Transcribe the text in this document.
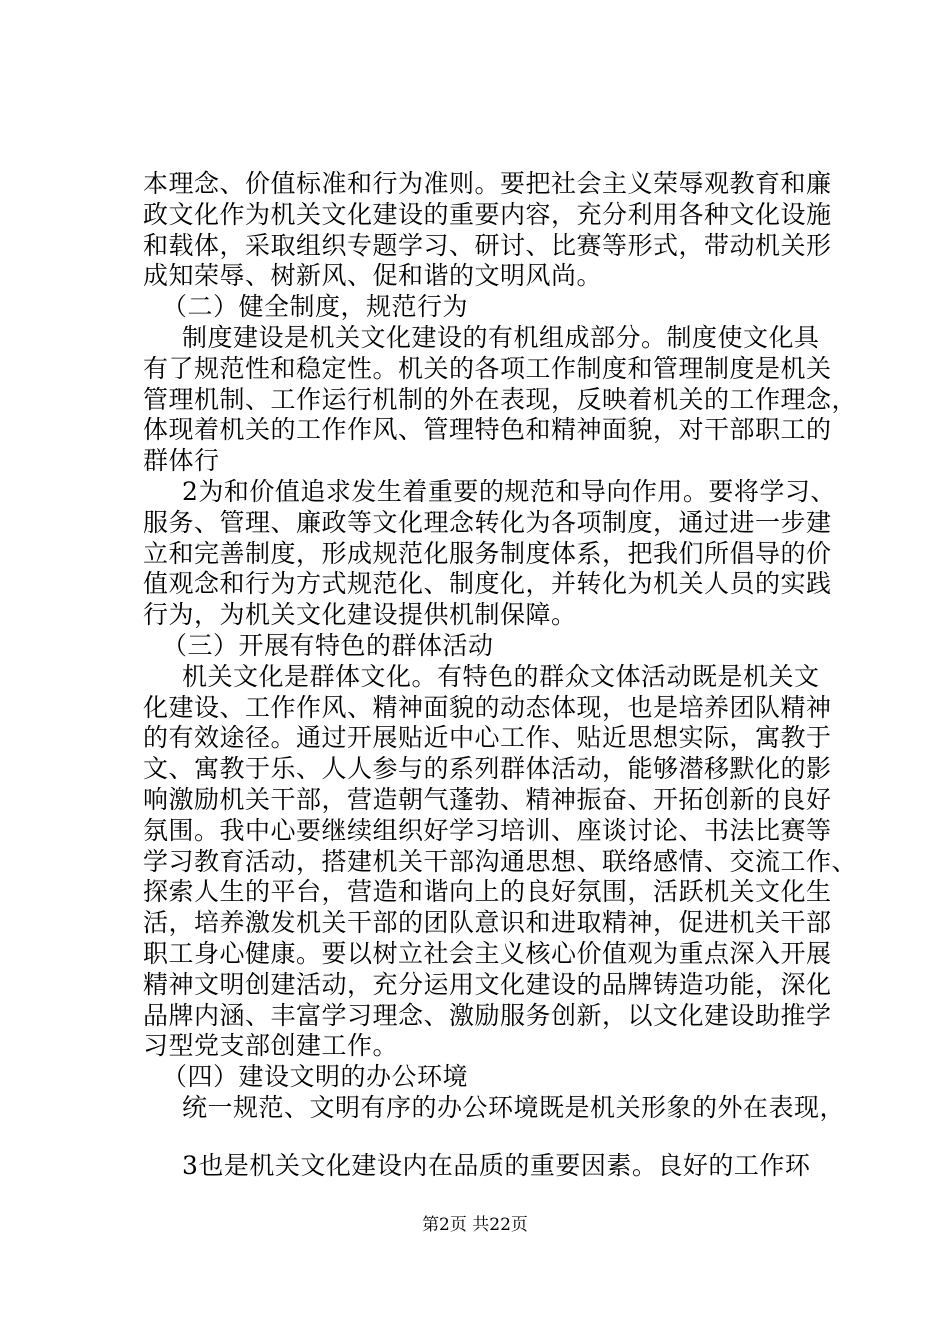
本理念、价值标准和行为准则。要把社会主义荣辱观教育和廉
政文化作为机关文化建设的重要内容，充分利用各种文化设施
和载体，采取组织专题学习、研讨、比赛等形式，带动机关形
成知荣辱、树新风、促和谐的文明风尚。
（二）健全制度，规范行为
制度建设是机关文化建设的有机组成部分。制度使文化具
有了规范性和稳定性。机关的各项工作制度和管理制度是机关
管理机制、工作运行机制的外在表现，反映着机关的工作理念，
体现着机关的工作作风、管理特色和精神面貌，对干部职工的
群体行
2为和价值追求发生着重要的规范和导向作用。要将学习、
服务、管理、廉政等文化理念转化为各项制度，通过进一步建
立和完善制度，形成规范化服务制度体系，把我们所倡导的价
值观念和行为方式规范化、制度化，并转化为机关人员的实践
行为，为机关文化建设提供机制保障。
（三）开展有特色的群体活动
机关文化是群体文化。有特色的群众文体活动既是机关文
化建设、工作作风、精神面貌的动态体现，也是培养团队精神
的有效途径。通过开展贴近中心工作、贴近思想实际，寓教于
文、寓教于乐、人人参与的系列群体活动，能够潜移默化的影
响激励机关干部，营造朝气蓬勃、精神振奋、开拓创新的良好
氛围。我中心要继续组织好学习培训、座谈讨论、书法比赛等
学习教育活动，搭建机关干部沟通思想、联络感情、交流工作、
探索人生的平台，营造和谐向上的良好氛围，活跃机关文化生
活，培养激发机关干部的团队意识和进取精神，促进机关干部
职工身心健康。要以树立社会主义核心价值观为重点深入开展
精神文明创建活动，充分运用文化建设的品牌铸造功能，深化
品牌内涵、丰富学习理念、激励服务创新，以文化建设助推学
习型党支部创建工作。
（四）建设文明的办公环境
统一规范、文明有序的办公环境既是机关形象的外在表现，
3也是机关文化建设内在品质的重要因素。良好的工作环
第2页 共22页
